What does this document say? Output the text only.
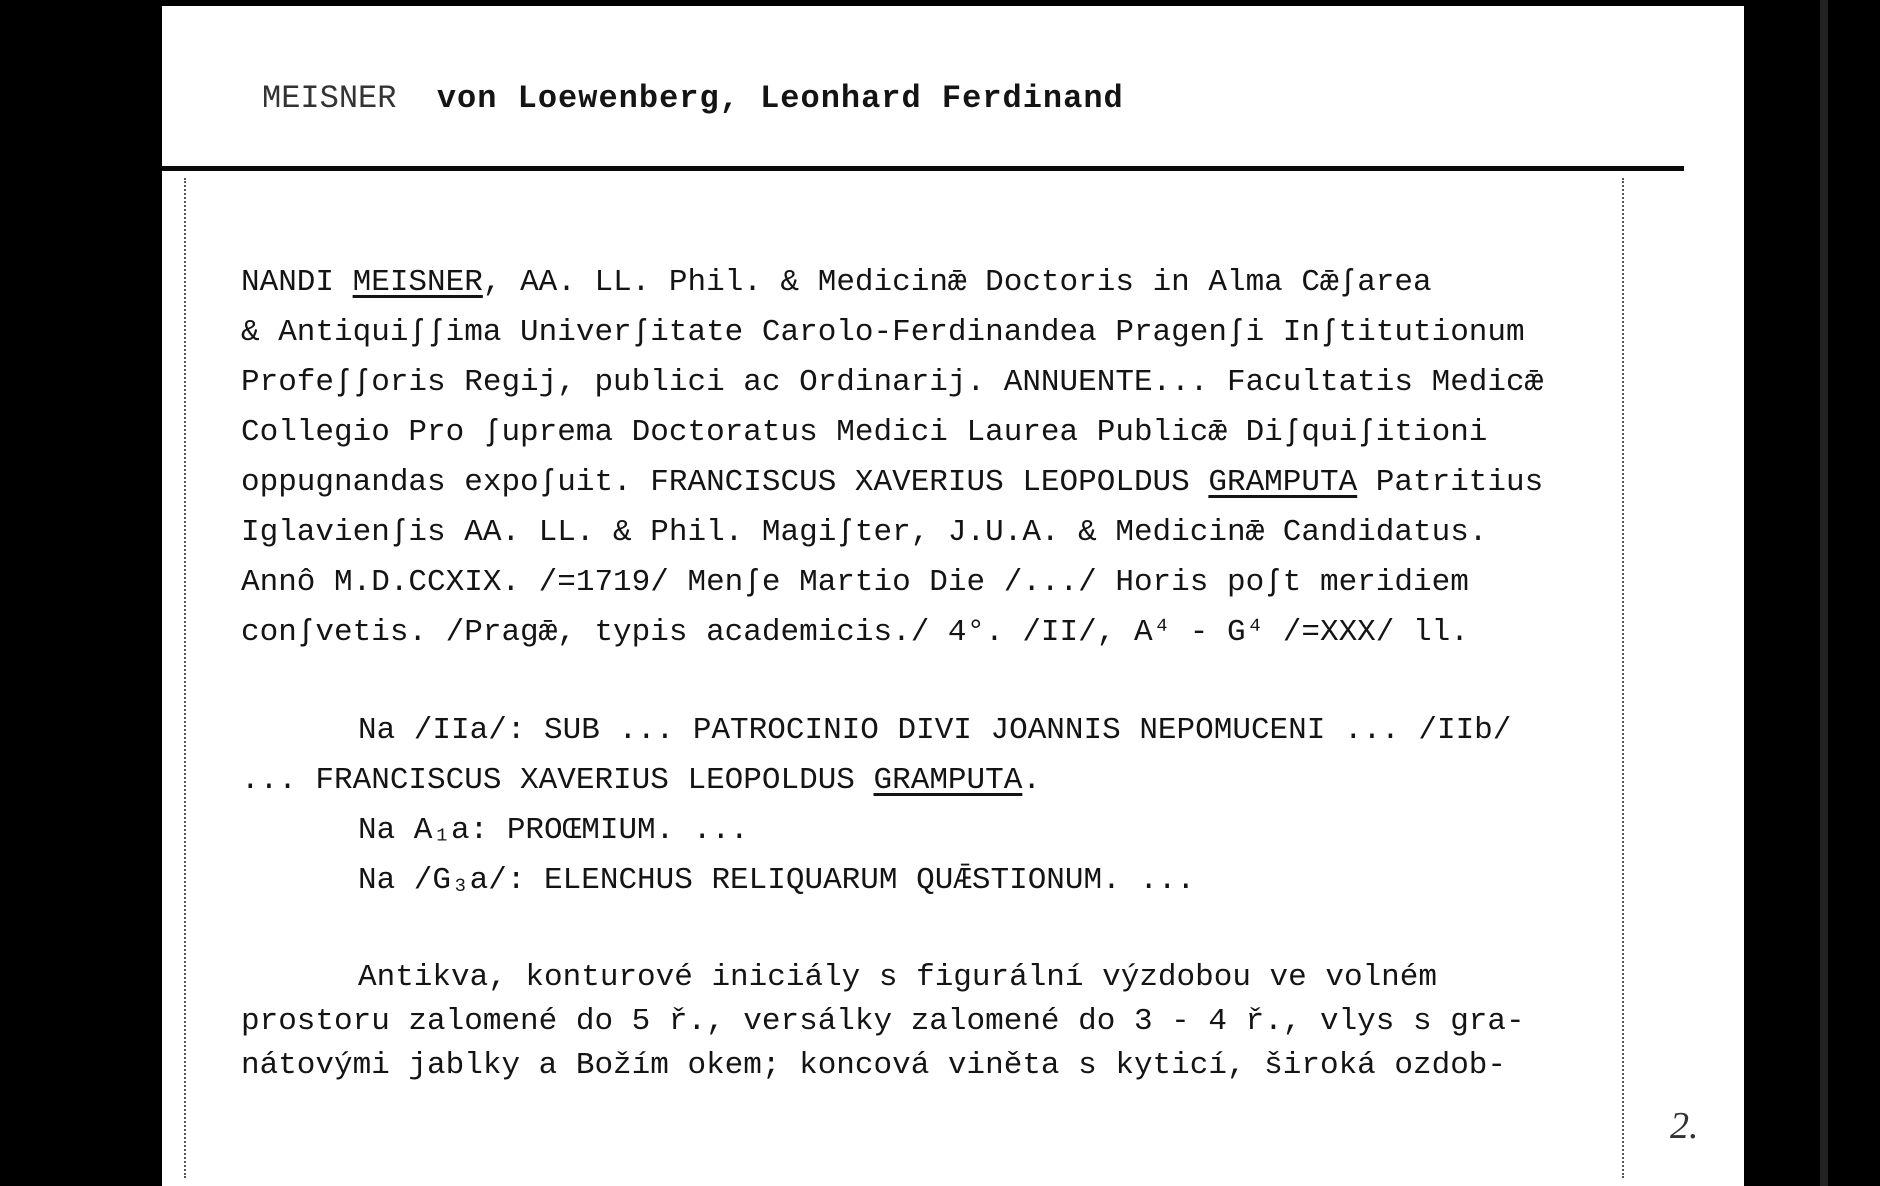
MEISNER von Loewenberg, Leonhard Ferdinand
NANDI MEISNER, AA. LL. Phil. & Medicinǣ Doctoris in Alma Cǣʃarea
& Antiquiʃʃima Univerʃitate Carolo-Ferdinandea Pragenʃi Inʃtitutionum
Profeʃʃoris Regij, publici ac Ordinarij. ANNUENTE... Facultatis Medicǣ
Collegio Pro ʃuprema Doctoratus Medici Laurea Publicǣ Diʃquiʃitioni
oppugnandas expoʃuit. FRANCISCUS XAVERIUS LEOPOLDUS GRAMPUTA Patritius
Iglavienʃis AA. LL. & Phil. Magiʃter, J.U.A. & Medicinǣ Candidatus.
Annô M.D.CCXIX. /=1719/ Menʃe Martio Die /.../ Horis poʃt meridiem
conʃvetis. /Pragǣ, typis academicis./ 4°. /II/, A⁴ - G⁴ /=XXX/ ll.
Na /IIa/: SUB ... PATROCINIO DIVI JOANNIS NEPOMUCENI ... /IIb/
... FRANCISCUS XAVERIUS LEOPOLDUS GRAMPUTA.
Na A₁a: PROŒMIUM. ...
Na /G₃a/: ELENCHUS RELIQUARUM QUǢSTIONUM. ...
Antikva, konturové iniciály s figurální výzdobou ve volném
prostoru zalomené do 5 ř., versálky zalomené do 3 - 4 ř., vlys s gra-
nátovými jablky a Božím okem; koncová viněta s kyticí, široká ozdob-
2.
